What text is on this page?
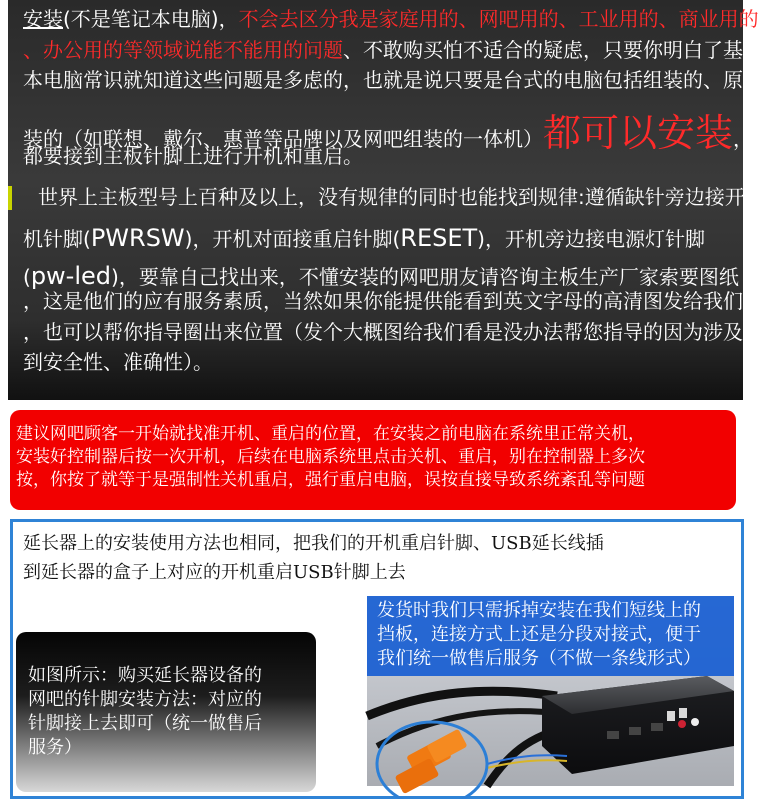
安装(不是笔记本电脑)，不会去区分我是家庭用的、网吧用的、工业用的、商业用的
、办公用的等领域说能不能用的问题、不敢购买怕不适合的疑虑，只要你明白了基
本电脑常识就知道这些问题是多虑的，也就是说只要是台式的电脑包括组装的、原
装的（如联想、戴尔、惠普等品牌以及网吧组装的一体机）都可以安装，
都要接到主板针脚上进行开机和重启。
世界上主板型号上百种及以上，没有规律的同时也能找到规律:遵循缺针旁边接开
机针脚(PWRSW)，开机对面接重启针脚(RESET)，开机旁边接电源灯针脚
(pw-led)，要靠自己找出来，不懂安装的网吧朋友请咨询主板生产厂家索要图纸
，这是他们的应有服务素质，当然如果你能提供能看到英文字母的高清图发给我们
，也可以帮你指导圈出来位置（发个大概图给我们看是没办法帮您指导的因为涉及
到安全性、准确性）。
建议网吧顾客一开始就找准开机、重启的位置，在安装之前电脑在系统里正常关机，
安装好控制器后按一次开机，后续在电脑系统里点击关机、重启，别在控制器上多次
按，你按了就等于是强制性关机重启，强行重启电脑，误按直接导致系统紊乱等问题
延长器上的安装使用方法也相同，把我们的开机重启针脚、USB延长线插
到延长器的盒子上对应的开机重启USB针脚上去
如图所示：购买延长器设备的
网吧的针脚安装方法：对应的
针脚接上去即可（统一做售后
服务）
发货时我们只需拆掉安装在我们短线上的
挡板，连接方式上还是分段对接式，便于
我们统一做售后服务（不做一条线形式）
